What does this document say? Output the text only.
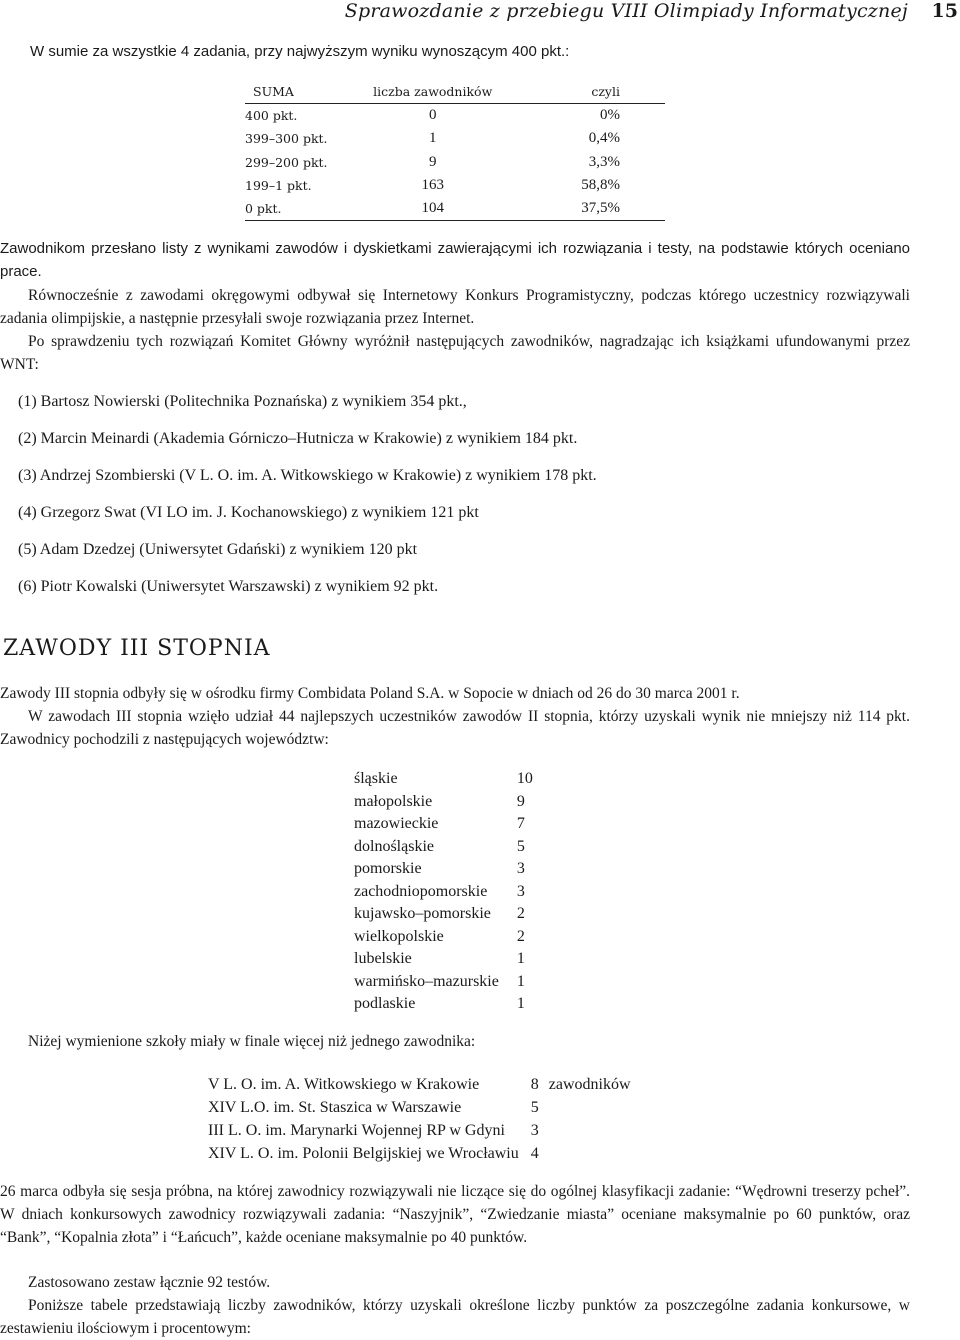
Sprawozdanie z przebiegu VIII Olimpiady Informatycznej 15
W sumie za wszystkie 4 zadania, przy najwyższym wyniku wynoszącym 400 pkt.:
SUMA	liczba zawodników	czyli
400 pkt.	0	0%
399–300 pkt.	1	0,4%
299–200 pkt.	9	3,3%
199–1 pkt.	163	58,8%
0 pkt.	104	37,5%
Zawodnikom przesłano listy z wynikami zawodów i dyskietkami zawierającymi ich rozwiązania i testy, na podstawie których oceniano prace.
Równocześnie z zawodami okręgowymi odbywał się Internetowy Konkurs Programistyczny, podczas którego uczestnicy rozwiązywali zadania olimpijskie, a następnie przesyłali swoje rozwiązania przez Internet.
Po sprawdzeniu tych rozwiązań Komitet Główny wyróżnił następujących zawodników, nagradzając ich książkami ufundowanymi przez WNT:
(1) Bartosz Nowierski (Politechnika Poznańska) z wynikiem 354 pkt.,
(2) Marcin Meinardi (Akademia Górniczo–Hutnicza w Krakowie) z wynikiem 184 pkt.
(3) Andrzej Szombierski (V L. O. im. A. Witkowskiego w Krakowie) z wynikiem 178 pkt.
(4) Grzegorz Swat (VI LO im. J. Kochanowskiego) z wynikiem 121 pkt
(5) Adam Dzedzej (Uniwersytet Gdański) z wynikiem 120 pkt
(6) Piotr Kowalski (Uniwersytet Warszawski) z wynikiem 92 pkt.
ZAWODY III STOPNIA
Zawody III stopnia odbyły się w ośrodku firmy Combidata Poland S.A. w Sopocie w dniach od 26 do 30 marca 2001 r.
W zawodach III stopnia wzięło udział 44 najlepszych uczestników zawodów II stopnia, którzy uzyskali wynik nie mniejszy niż 114 pkt. Zawodnicy pochodzili z następujących województw:
śląskie	10
małopolskie	9
mazowieckie	7
dolnośląskie	5
pomorskie	3
zachodniopomorskie	3
kujawsko–pomorskie	2
wielkopolskie	2
lubelskie	1
warmińsko–mazurskie	1
podlaskie	1
Niżej wymienione szkoły miały w finale więcej niż jednego zawodnika:
V L. O. im. A. Witkowskiego w Krakowie	8	zawodników
XIV L.O. im. St. Staszica w Warszawie	5	
III L. O. im. Marynarki Wojennej RP w Gdyni	3	
XIV L. O. im. Polonii Belgijskiej we Wrocławiu	4	
26 marca odbyła się sesja próbna, na której zawodnicy rozwiązywali nie liczące się do ogólnej klasyfikacji zadanie: “Wędrowni treserzy pcheł”. W dniach konkursowych zawodnicy rozwiązywali zadania: “Naszyjnik”, “Zwiedzanie miasta” oceniane maksymalnie po 60 punktów, oraz “Bank”, “Kopalnia złota” i “Łańcuch”, każde oceniane maksymalnie po 40 punktów.
Zastosowano zestaw łącznie 92 testów.
Poniższe tabele przedstawiają liczby zawodników, którzy uzyskali określone liczby punktów za poszczególne zadania konkursowe, w zestawieniu ilościowym i procentowym:
